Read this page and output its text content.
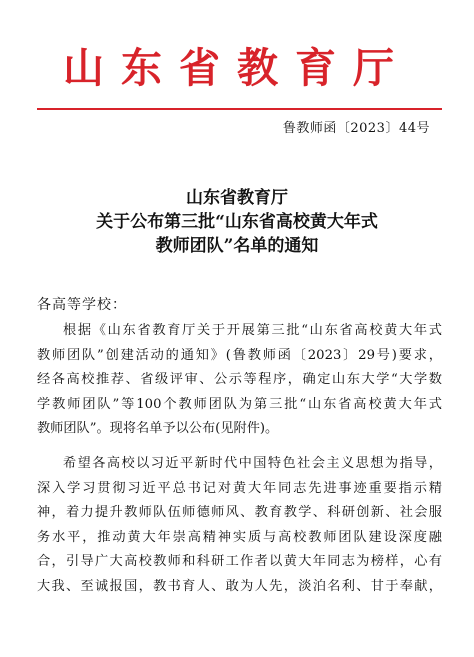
山东省教育厅
鲁教师函〔2023〕44号
山东省教育厅
关于公布第三批“山东省高校黄大年式
教师团队”名单的通知
各高等学校：
根据《山东省教育厅关于开展第三批“山东省高校黄大年式
教师团队”创建活动的通知》(鲁教师函〔2023〕29号)要求，
经各高校推荐、省级评审、公示等程序，确定山东大学“大学数
学教师团队”等100个教师团队为第三批“山东省高校黄大年式
教师团队”。现将名单予以公布(见附件)。
希望各高校以习近平新时代中国特色社会主义思想为指导，
深入学习贯彻习近平总书记对黄大年同志先进事迹重要指示精
神，着力提升教师队伍师德师风、教育教学、科研创新、社会服
务水平，推动黄大年崇高精神实质与高校教师团队建设深度融
合，引导广大高校教师和科研工作者以黄大年同志为榜样，心有
大我、至诚报国，教书育人、敢为人先，淡泊名利、甘于奉献，
